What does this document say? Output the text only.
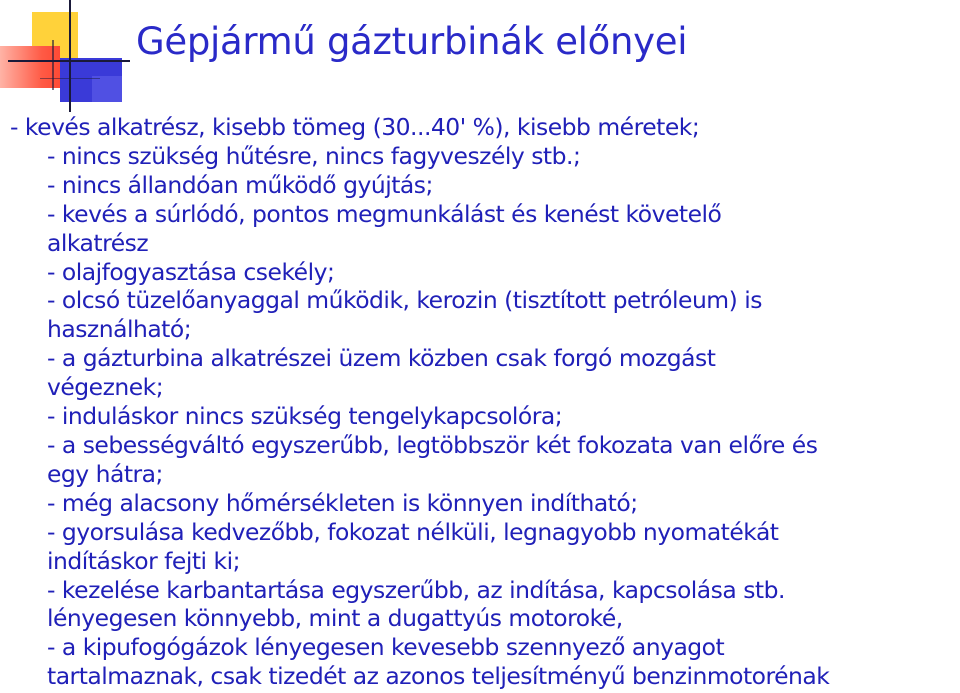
Gépjármű gázturbinák előnyei
- kevés alkatrész, kisebb tömeg (30...40' %), kisebb méretek;
- nincs szükség hűtésre, nincs fagyveszély stb.;
- nincs állandóan működő gyújtás;
- kevés a súrlódó, pontos megmunkálást és kenést követelő
alkatrész
- olajfogyasztása csekély;
- olcsó tüzelőanyaggal működik, kerozin (tisztított petróleum) is
használható;
- a gázturbina alkatrészei üzem közben csak forgó mozgást
végeznek;
- induláskor nincs szükség tengelykapcsolóra;
- a sebességváltó egyszerűbb, legtöbbször két fokozata van előre és
egy hátra;
- még alacsony hőmérsékleten is könnyen indítható;
- gyorsulása kedvezőbb, fokozat nélküli, legnagyobb nyomatékát
indításkor fejti ki;
- kezelése karbantartása egyszerűbb, az indítása, kapcsolása stb.
lényegesen könnyebb, mint a dugattyús motoroké,
- a kipufogógázok lényegesen kevesebb szennyező anyagot
tartalmaznak, csak tizedét az azonos teljesítményű benzinmotorénak
